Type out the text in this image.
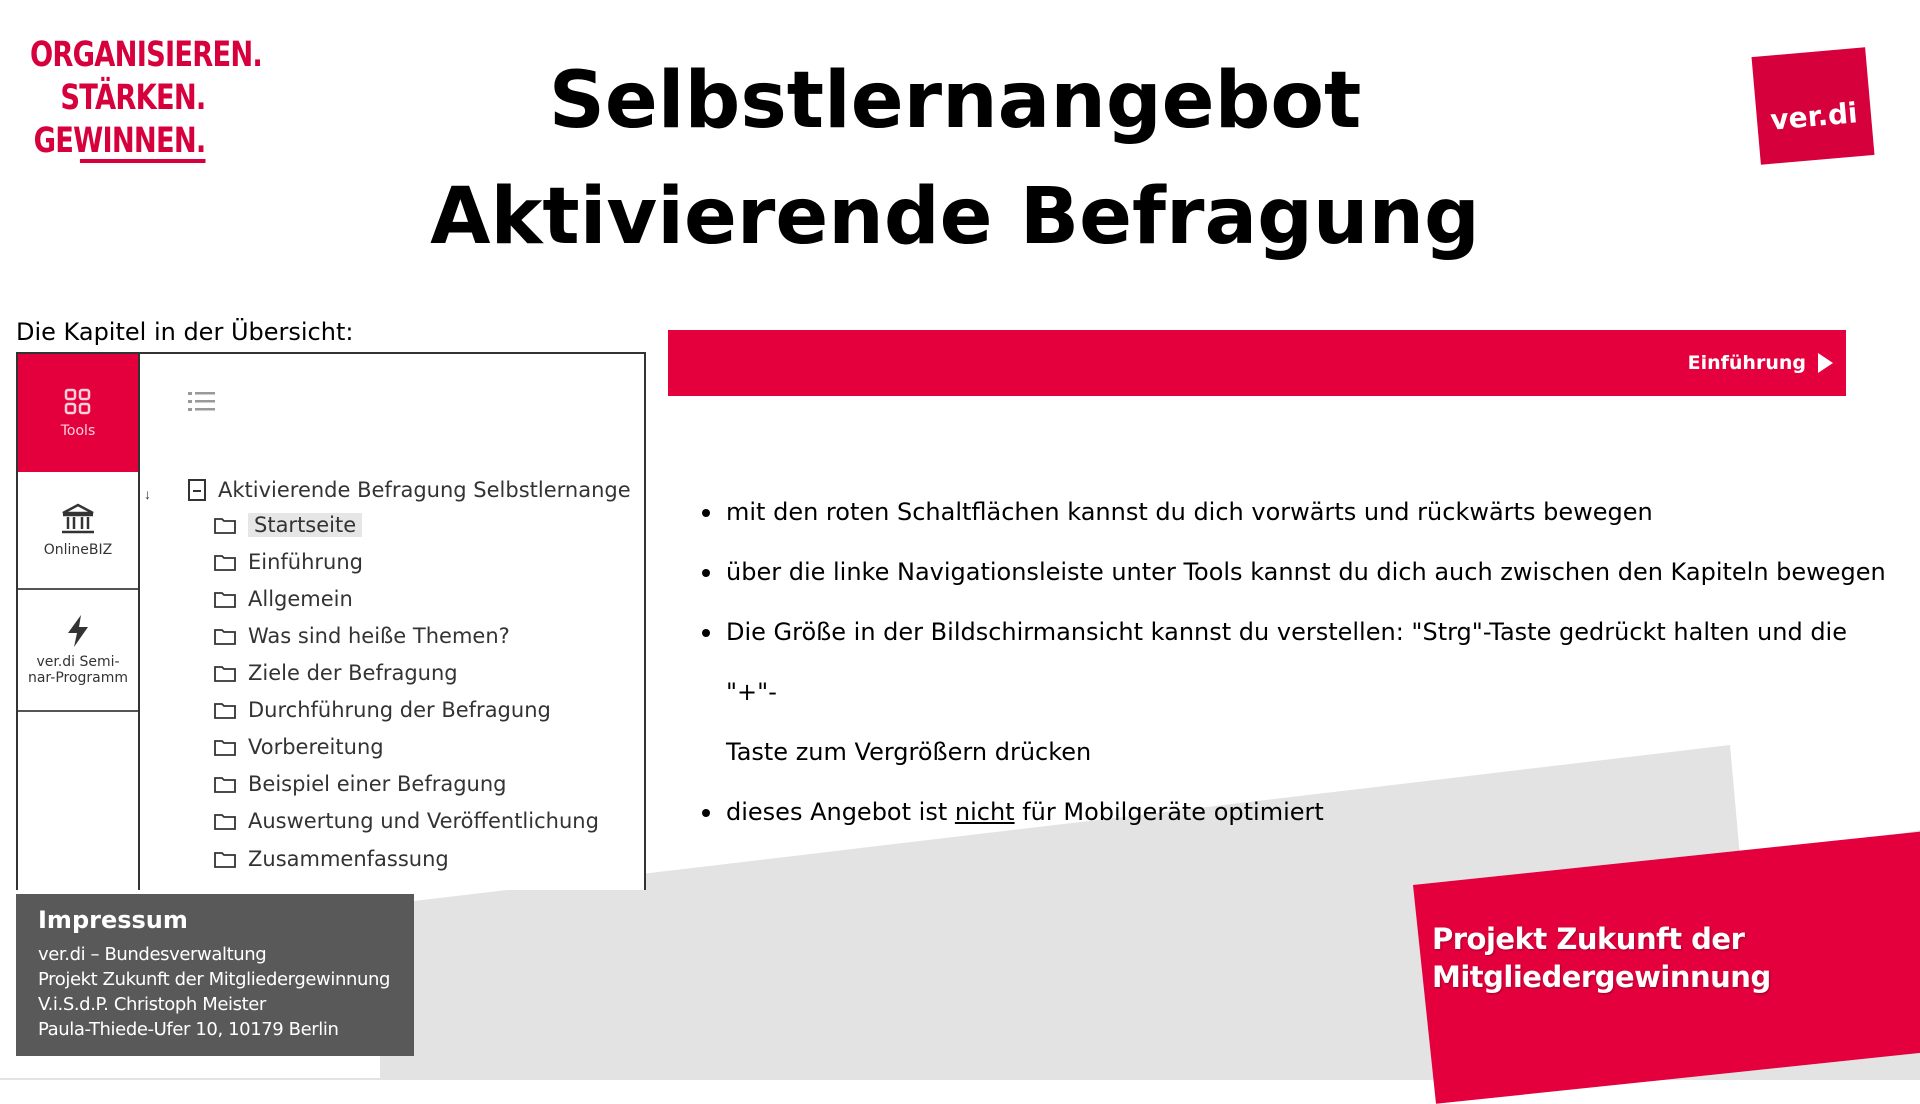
ORGANISIEREN.
STÄRKEN.
GEWINNEN.	Selbstlernangebot
Aktivierende Befragung
ver.di
Die Kapitel in der Übersicht:
Tools
OnlineBIZ
ver.di Semi-nar-Programm
↓	Aktivierende Befragung Selbstlernange
Startseite
Einführung
Allgemein
Was sind heiße Themen?
Ziele der Befragung
Durchführung der Befragung
Vorbereitung
Beispiel einer Befragung
Auswertung und Veröffentlichung
Zusammenfassung
Einführung
mit den roten Schaltflächen kannst du dich vorwärts und rückwärts bewegen
über die linke Navigationsleiste unter Tools kannst du dich auch zwischen den Kapiteln bewegen
Die Größe in der Bildschirmansicht kannst du verstellen: "Strg"-Taste gedrückt halten und die "+"-
Taste zum Vergrößern drücken
dieses Angebot ist nicht für Mobilgeräte optimiert
Impressum
ver.di – Bundesverwaltung
Projekt Zukunft der Mitgliedergewinnung
V.i.S.d.P. Christoph Meister
Paula-Thiede-Ufer 10, 10179 Berlin
Projekt Zukunft der
Mitgliedergewinnung
